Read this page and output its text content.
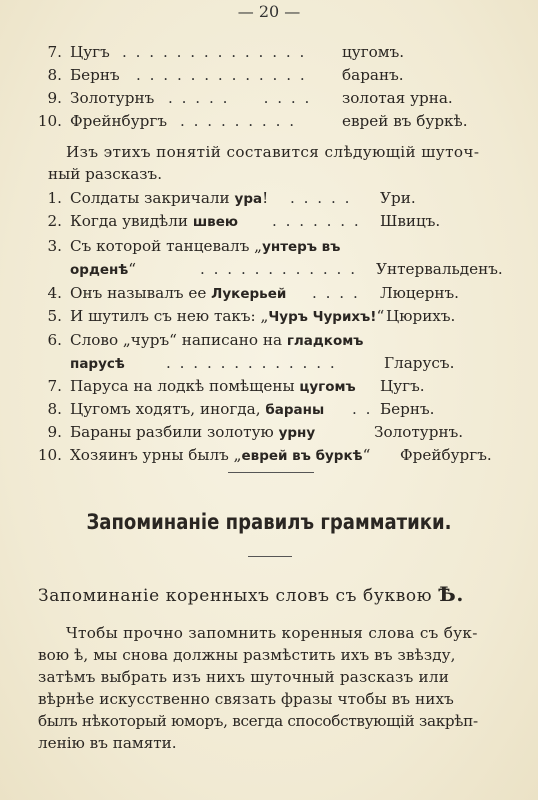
— 20 —
7. Цугъ . . . . . . . . . . . . . . цугомъ.
8. Бернъ . . . . . . . . . . . . . баранъ.
9. Золотурнъ . . . . .     . . . . золотая урна.
10. Фрейнбургъ . . . . . . . . .	еврей въ буркѣ.
Изъ этихъ понятій составится слѣдующій шуточ-
ный разсказъ.
1. Солдаты закричали ура! . . . . . Ури.
2. Когда увидѣли швею . . . . . . . Швицъ.
3. Съ которой танцевалъ „унтеръ въ
орденѣ“	. . . . . . . . . . . . Унтервальденъ.
4. Онъ называлъ ее Лукерьей . . . . Люцернъ.
5. И шутилъ съ нею такъ: „Чуръ Чурихъ!“ Цюрихъ.
6. Слово „чуръ“ написано на гладкомъ
парусѣ	. . . . . . . . . . . . .	Гларусъ.
7. Паруса на лодкѣ помѣщены цугомъ Цугъ.
8. Цугомъ ходятъ, иногда, бараны . . Бернъ.
9. Бараны разбили золотую урну	Золотурнъ.
10. Хозяинъ урны былъ „еврей въ буркѣ“ Фрейбургъ.
Запоминаніе правилъ грамматики.
Запоминаніе коренныхъ словъ съ буквою Ѣ.
Чтобы прочно запомнить коренныя слова съ бук-
вою ѣ, мы снова должны размѣстить ихъ въ звѣзду,
затѣмъ выбрать изъ нихъ шуточный разсказъ или
вѣрнѣе искусственно связать фразы чтобы въ нихъ
былъ нѣкоторый юморъ, всегда способствующій закрѣп-
ленію въ памяти.
